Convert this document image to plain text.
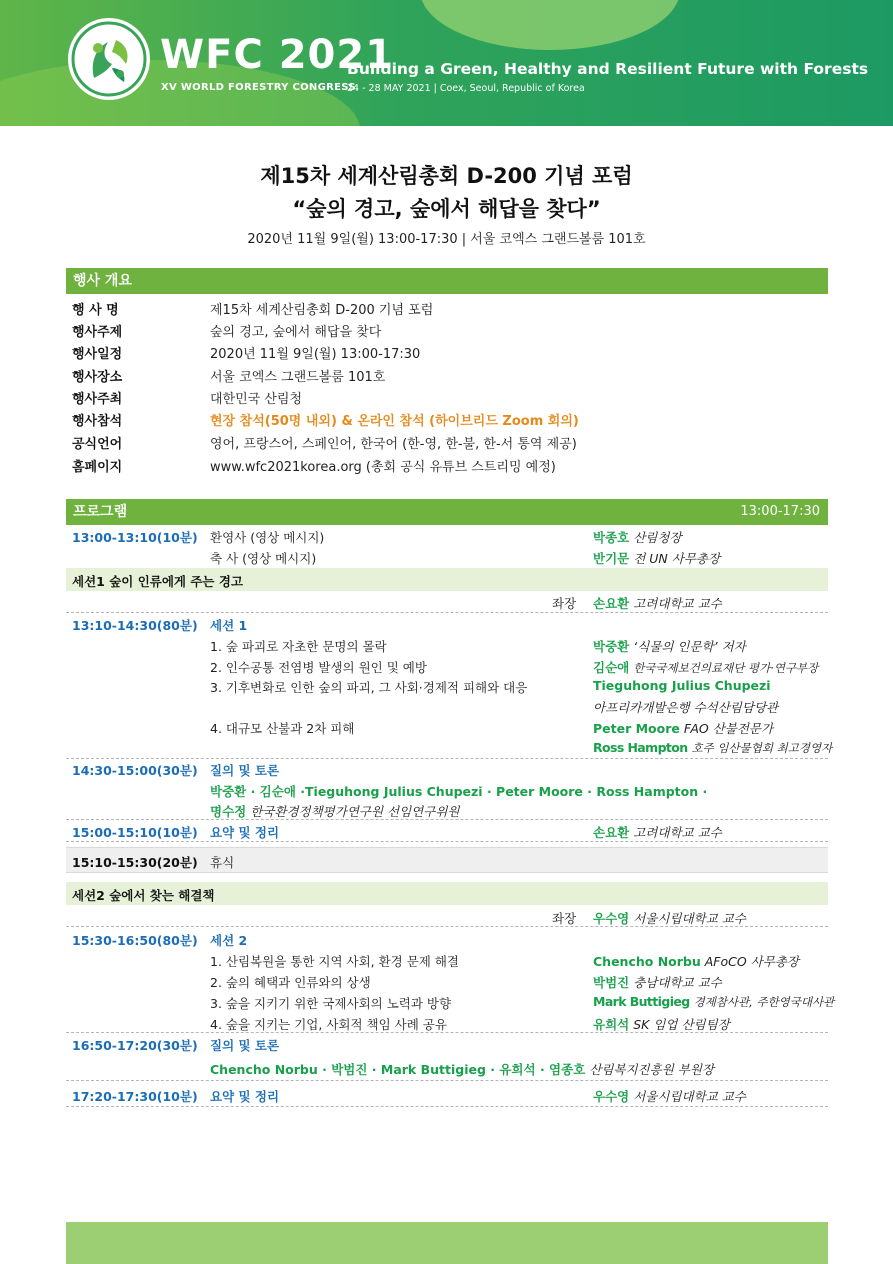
WFC 2021
XV WORLD FORESTRY CONGRESS
Building a Green, Healthy and Resilient Future with Forests
24 - 28 MAY 2021 | Coex, Seoul, Republic of Korea
제15차 세계산림총회 D-200 기념 포럼
“숲의 경고, 숲에서 해답을 찾다”
2020년 11월 9일(월) 13:00-17:30 | 서울 코엑스 그랜드볼룸 101호
행사 개요
행 사 명	제15차 세계산림총회 D-200 기념 포럼
행사주제	숲의 경고, 숲에서 해답을 찾다
행사일정	2020년 11월 9일(월) 13:00-17:30
행사장소	서울 코엑스 그랜드볼룸 101호
행사주최	대한민국 산림청
행사참석	현장 참석(50명 내외) & 온라인 참석 (하이브리드 Zoom 회의)
공식언어	영어, 프랑스어, 스페인어, 한국어 (한-영, 한-불, 한-서 통역 제공)
홈페이지	www.wfc2021korea.org (총회 공식 유튜브 스트리밍 예정)
프로그램	13:00-17:30
13:00-13:10(10분) 환영사 (영상 메시지)	박종호 산림청장
축 사 (영상 메시지)	반기문 전 UN 사무총장
세션1 숲이 인류에게 주는 경고
좌장 손요환 고려대학교 교수
13:10-14:30(80분) 세션 1
1. 숲 파괴로 자초한 문명의 몰락	박중환 ‘식물의 인문학’ 저자
2. 인수공통 전염병 발생의 원인 및 예방	김순애 한국국제보건의료재단 평가·연구부장
3. 기후변화로 인한 숲의 파괴, 그 사회·경제적 피해와 대응	Tieguhong Julius Chupezi
아프리카개발은행 수석산림담당관
4. 대규모 산불과 2차 피해	Peter Moore FAO 산불전문가
Ross Hampton 호주 임산물협회 최고경영자
14:30-15:00(30분) 질의 및 토론
박중환 · 김순애 ·Tieguhong Julius Chupezi · Peter Moore · Ross Hampton ·
명수정 한국환경정책평가연구원 선임연구위원
15:00-15:10(10분) 요약 및 정리	손요환 고려대학교 교수
15:10-15:30(20분) 휴식
세션2 숲에서 찾는 해결책
좌장 우수영 서울시립대학교 교수
15:30-16:50(80분) 세션 2
1. 산림복원을 통한 지역 사회, 환경 문제 해결	Chencho Norbu AFoCO 사무총장
2. 숲의 혜택과 인류와의 상생	박범진 충남대학교 교수
3. 숲을 지키기 위한 국제사회의 노력과 방향	Mark Buttigieg 경제참사관, 주한영국대사관
4. 숲을 지키는 기업, 사회적 책임 사례 공유	유희석 SK 임업 산림팀장
16:50-17:20(30분) 질의 및 토론
Chencho Norbu · 박범진 · Mark Buttigieg · 유희석 · 염종호 산림복지진흥원 부원장
17:20-17:30(10분) 요약 및 정리	우수영 서울시립대학교 교수
